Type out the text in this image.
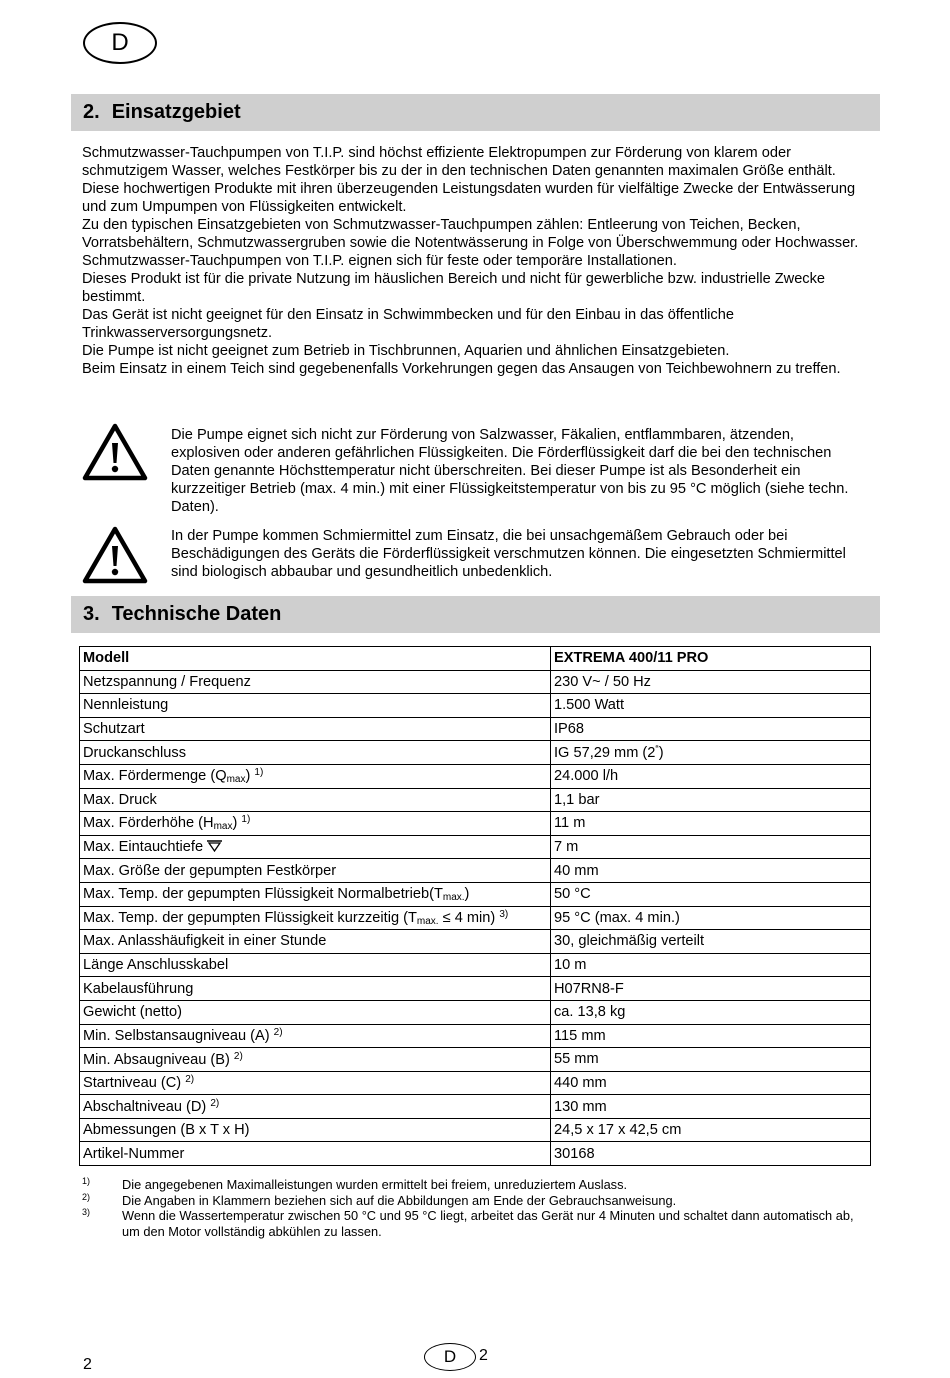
D
2. Einsatzgebiet

Schmutzwasser-Tauchpumpen von T.I.P. sind höchst effiziente Elektropumpen zur Förderung von klarem oder schmutzigem Wasser, welches Festkörper bis zu der in den technischen Daten genannten maximalen Größe enthält. Diese hochwertigen Produkte mit ihren überzeugenden Leistungsdaten wurden für vielfältige Zwecke der Entwässerung und zum Umpumpen von Flüssigkeiten entwickelt.

Zu den typischen Einsatzgebieten von Schmutzwasser-Tauchpumpen zählen: Entleerung von Teichen, Becken, Vorratsbehältern, Schmutzwassergruben sowie die Notentwässerung in Folge von Überschwemmung oder Hochwasser.

Schmutzwasser-Tauchpumpen von T.I.P. eignen sich für feste oder temporäre Installationen.

Dieses Produkt ist für die private Nutzung im häuslichen Bereich und nicht für gewerbliche bzw. industrielle Zwecke bestimmt.

Das Gerät ist nicht geeignet für den Einsatz in Schwimmbecken und für den Einbau in das öffentliche Trinkwasserversorgungsnetz.

Die Pumpe ist nicht geeignet zum Betrieb in Tischbrunnen, Aquarien und ähnlichen Einsatzgebieten.

Beim Einsatz in einem Teich sind gegebenenfalls Vorkehrungen gegen das Ansaugen von Teichbewohnern zu treffen.

Die Pumpe eignet sich nicht zur Förderung von Salzwasser, Fäkalien, entflammbaren, ätzenden, explosiven oder anderen gefährlichen Flüssigkeiten. Die Förderflüssigkeit darf die bei den technischen Daten genannte Höchsttemperatur nicht überschreiten. Bei dieser Pumpe ist als Besonderheit ein kurzzeitiger Betrieb (max. 4 min.) mit einer Flüssigkeitstemperatur von bis zu 95 °C möglich (siehe techn. Daten).
In der Pumpe kommen Schmiermittel zum Einsatz, die bei unsachgemäßem Gebrauch oder bei Beschädigungen des Geräts die Förderflüssigkeit verschmutzen können. Die eingesetzten Schmiermittel sind biologisch abbaubar und gesundheitlich unbedenklich.
3. Technische Daten
Modell	EXTREMA 400/11 PRO
Netzspannung / Frequenz	230 V~ / 50 Hz
Nennleistung	1.500 Watt
Schutzart	IP68
Druckanschluss	IG 57,29 mm (2“)
Max. Fördermenge $(Q_{max})$ $^{1)}$	24.000 l/h
Max. Druck	1,1 bar
Max. Förderhöhe $(H_{max})$ $^{1)}$	11 m
Max. Eintauchtiefe	7 m
Max. Größe der gepumpten Festkörper	40 mm
Max. Temp. der gepumpten Flüssigkeit $Normalbetrieb(T_{max.})$	50 °C
Max. Temp. der gepumpten Flüssigkeit kurzzeitig ($T_{max.} \le 4$ min) $^{3)}$	95 °C (max. 4 min.)
Max. Anlasshäufigkeit in einer Stunde	30, gleichmäßig verteilt
Länge Anschlusskabel	10 m
Kabelausführung	H07RN8-F
Gewicht (netto)	ca. 13,8 kg
Min. Selbstansaugniveau (A) $^{2)}$	115 mm
Min. Absaugniveau (B) $^{2)}$	55 mm
Startniveau (C) $^{2)}$	440 mm
Abschaltniveau (D) $^{2)}$	130 mm
Abmessungen (B x T x H)	24,5 x 17 x 42,5 cm
Artikel-Nummer	30168
1) Die angegebenen Maximalleistungen wurden ermittelt bei freiem, unreduziertem Auslass.
2) Die Angaben in Klammern beziehen sich auf die Abbildungen am Ende der Gebrauchsanweisung.
3) Wenn die Wassertemperatur zwischen 50 °C und 95 °C liegt, arbeitet das Gerät nur 4 Minuten und schaltet dann automatisch ab, um den Motor vollständig abkühlen zu lassen.
2	D	2
